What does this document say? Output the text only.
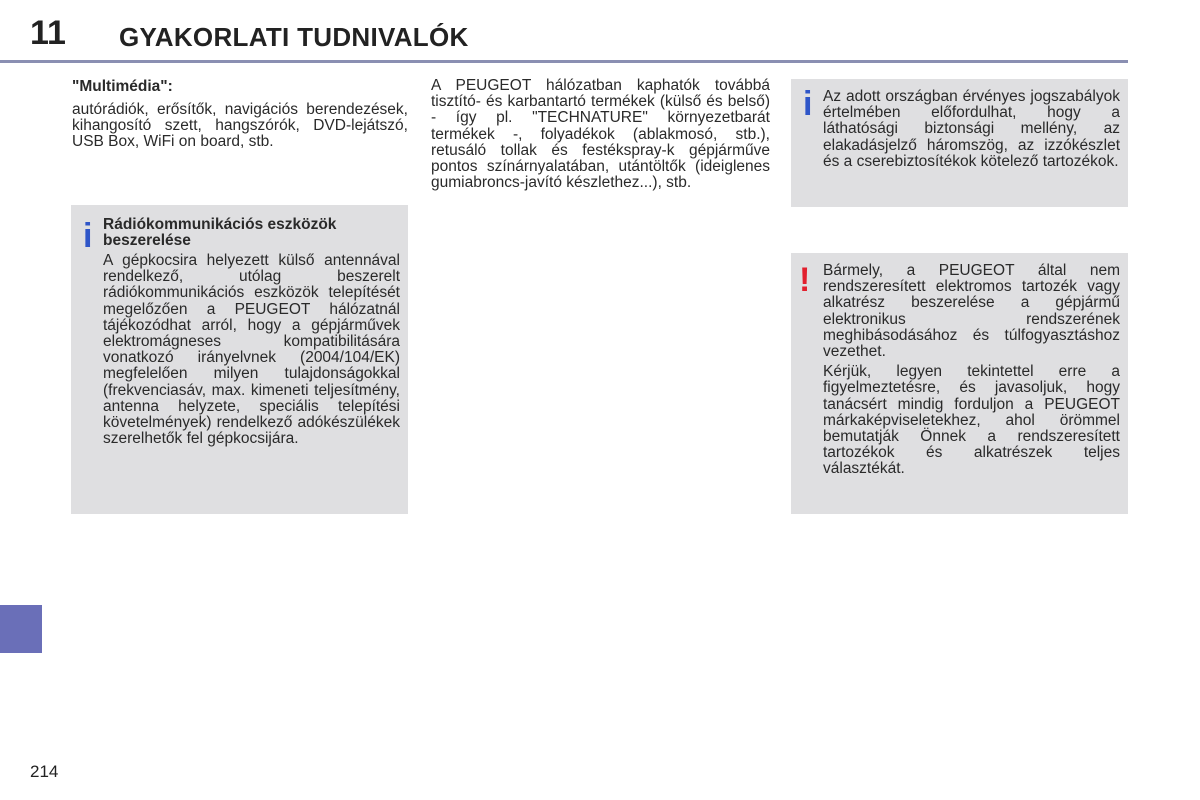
11 GYAKORLATI TUDNIVALÓK

"Multimédia":

autórádiók, erősítők, navigációs berendezések, kihangosító szett, hangszórók, DVD-lejátszó, USB Box, WiFi on board, stb.

i Rádiókommunikációs eszközök beszerelése

A gépkocsira helyezett külső antennával rendelkező, utólag beszerelt rádiókommunikációs eszközök telepítését megelőzően a PEUGEOT hálózatnál tájékozódhat arról, hogy a gépjárművek elektromágneses kompatibilitására vonatkozó irányelvnek (2004/104/EK) megfelelően milyen tulajdonságokkal (frekvenciasáv, max. kimeneti teljesítmény, antenna helyzete, speciális telepítési követelmények) rendelkező adókészülékek szerelhetők fel gépkocsijára.

A PEUGEOT hálózatban kaphatók továbbá tisztító- és karbantartó termékek (külső és belső) - így pl. "TECHNATURE" környezetbarát termékek -, folyadékok (ablakmosó, stb.), retusáló tollak és festékspray-k gépjárműve pontos színárnyalatában, utántöltők (ideiglenes gumiabroncs-javító készlethez...), stb.

i Az adott országban érvényes jogszabályok értelmében előfordulhat, hogy a láthatósági biztonsági mellény, az elakadásjelző háromszög, az izzókészlet és a cserebiztosítékok kötelező tartozékok.

! Bármely, a PEUGEOT által nem rendszeresített elektromos tartozék vagy alkatrész beszerelése a gépjármű elektronikus rendszerének meghibásodásához és túlfogyasztáshoz vezethet.

Kérjük, legyen tekintettel erre a figyelmeztetésre, és javasoljuk, hogy tanácsért mindig forduljon a PEUGEOT márkaképviseletekhez, ahol örömmel bemutatják Önnek a rendszeresített tartozékok és alkatrészek teljes választékát.

214
